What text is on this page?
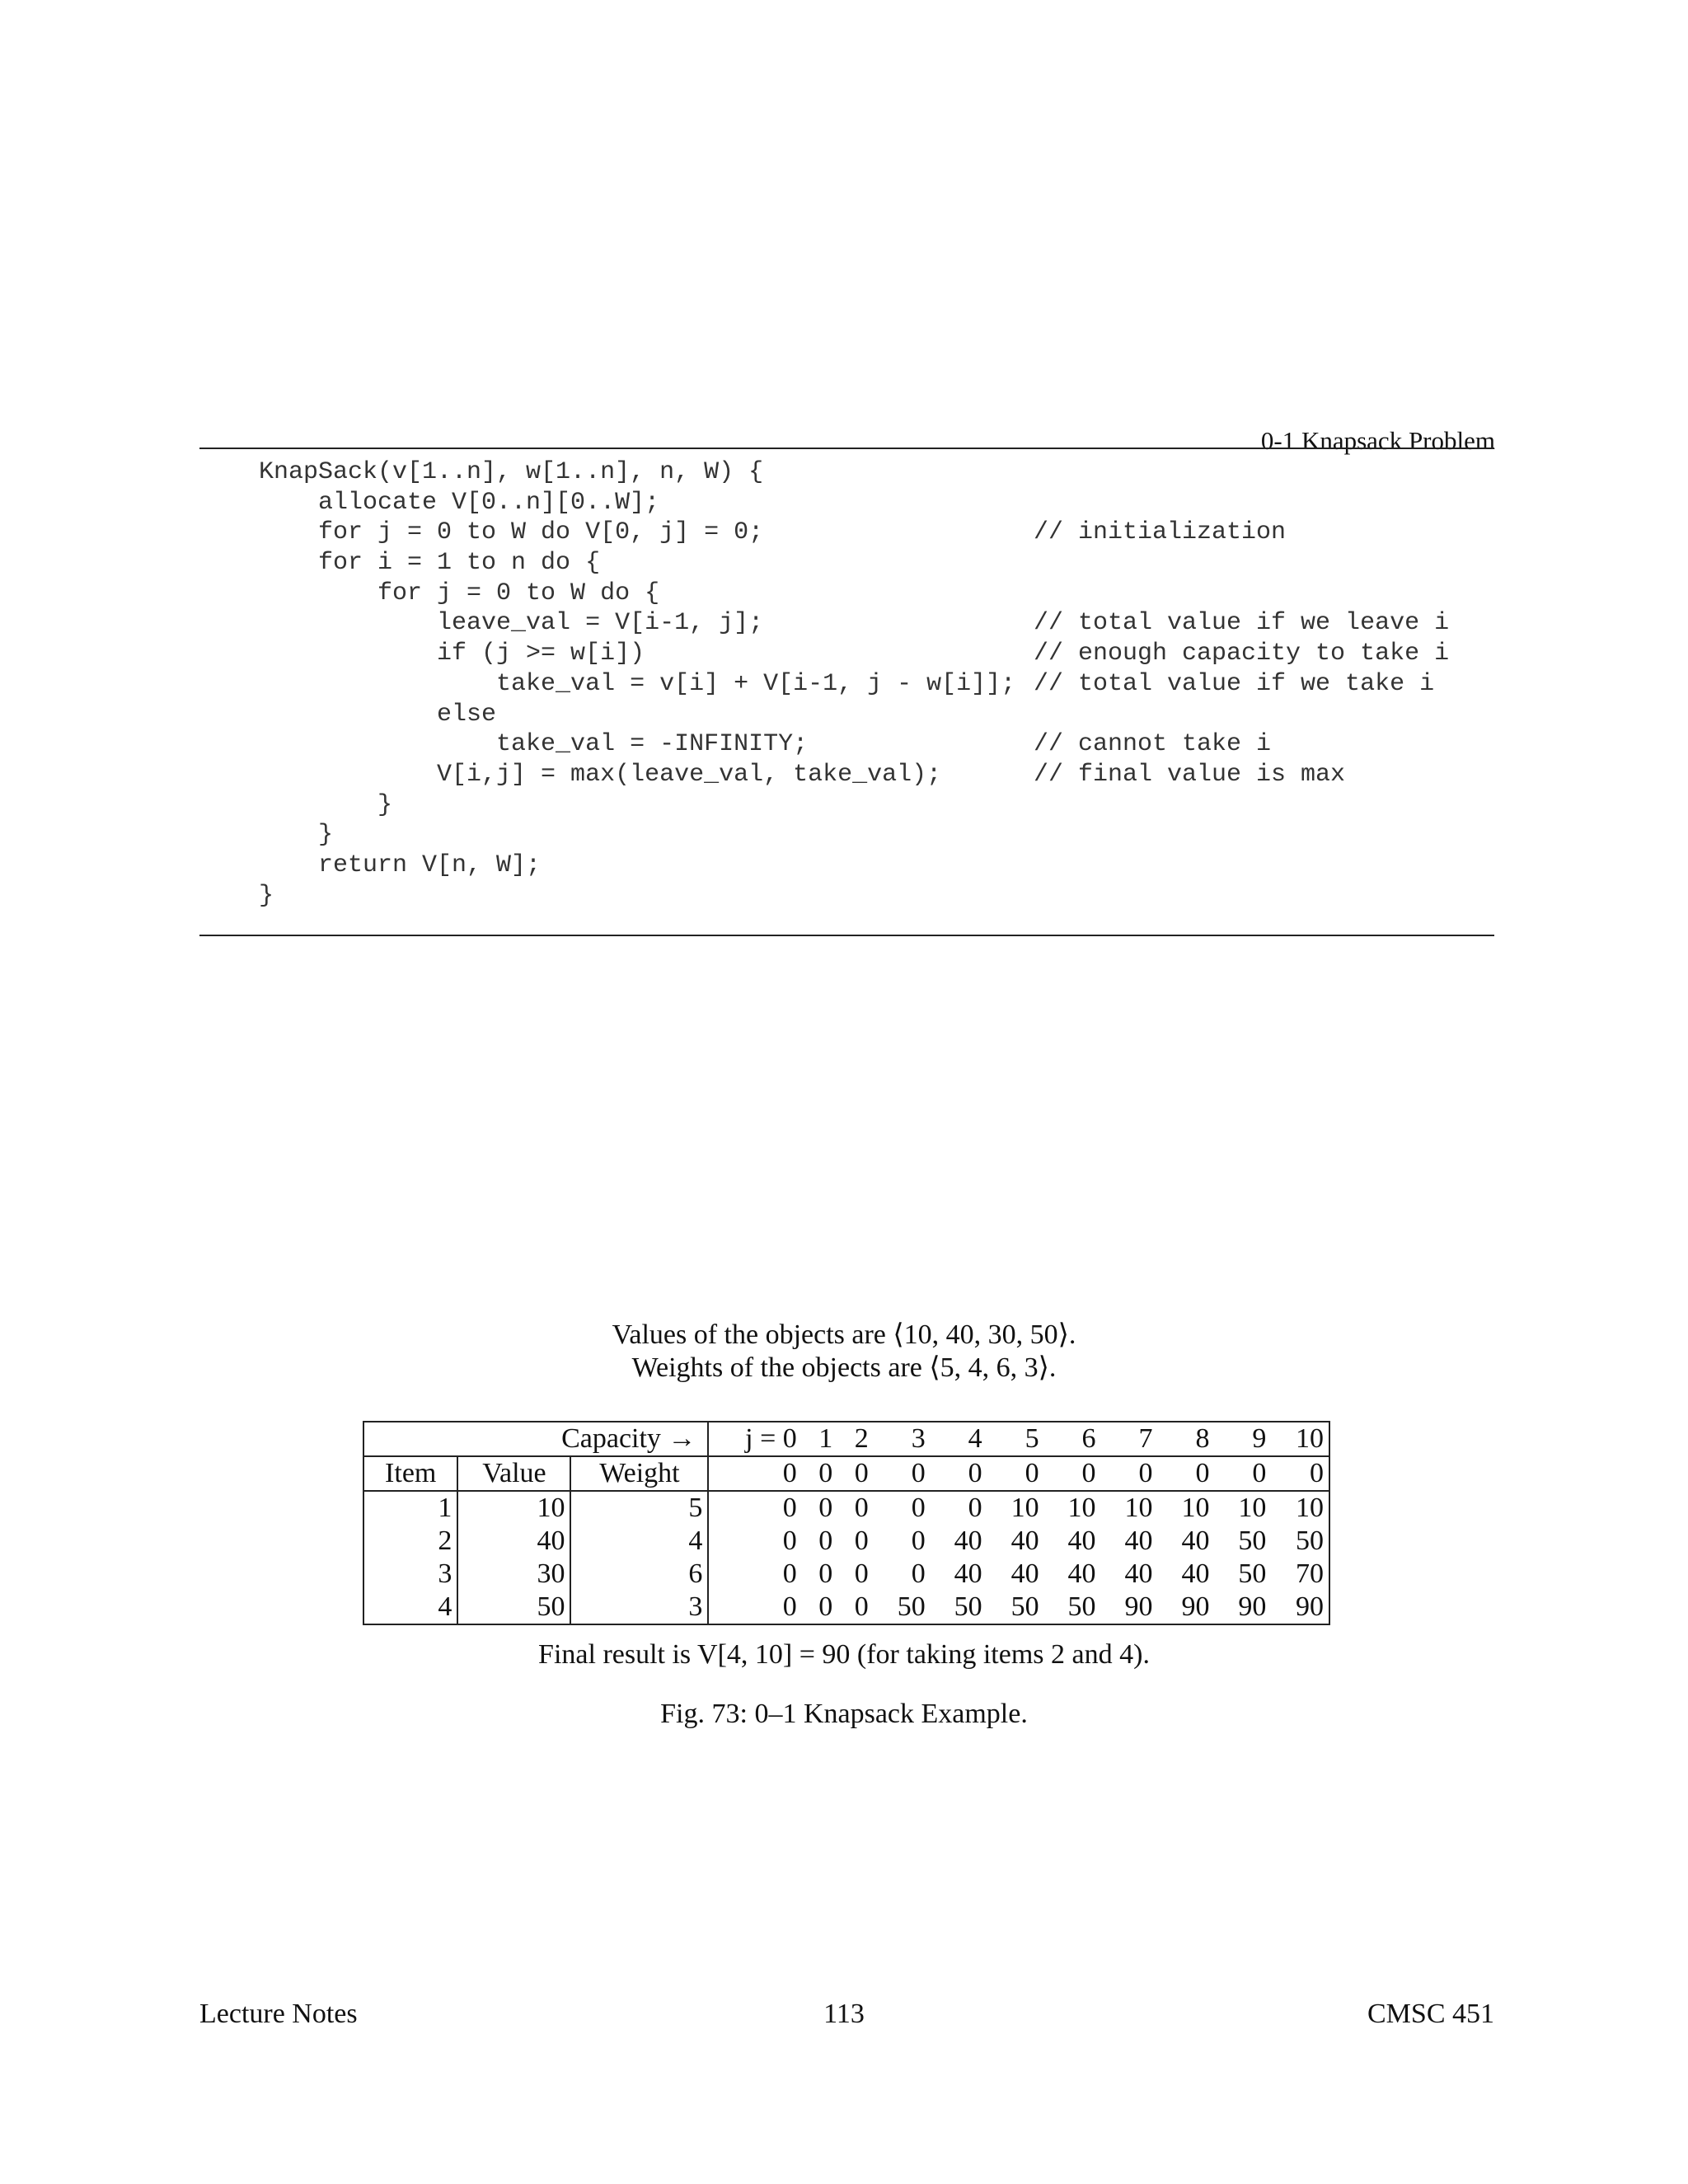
0-1 Knapsack Problem
KnapSack(v[1..n], w[1..n], n, W) {
allocate V[0..n][0..W];
for j = 0 to W do V[0, j] = 0;	// initialization
for i = 1 to n do {
for j = 0 to W do {
leave_val = V[i-1, j];	// total value if we leave i
if (j >= w[i])	// enough capacity to take i
take_val = v[i] + V[i-1, j - w[i]]; // total value if we take i
else
take_val = -INFINITY;	// cannot take i
V[i,j] = max(leave_val, take_val);	// final value is max
}
}
return V[n, W];
}
Values of the objects are ⟨10, 40, 30, 50⟩.
Weights of the objects are ⟨5, 4, 6, 3⟩.
Capacity →			j = 0	1	2	3	4	5	6	7	8	9	10
Item	Value	Weight	0	0	0	0	0	0	0	0	0	0	0
1	10	5	0	0	0	0	0	10	10	10	10	10	10
2	40	4	0	0	0	0	40	40	40	40	40	50	50
3	30	6	0	0	0	0	40	40	40	40	40	50	70
4	50	3	0	0	0	50	50	50	50	90	90	90	90
Final result is V[4, 10] = 90 (for taking items 2 and 4).
Fig. 73: 0–1 Knapsack Example.
Lecture Notes	113	CMSC 451
